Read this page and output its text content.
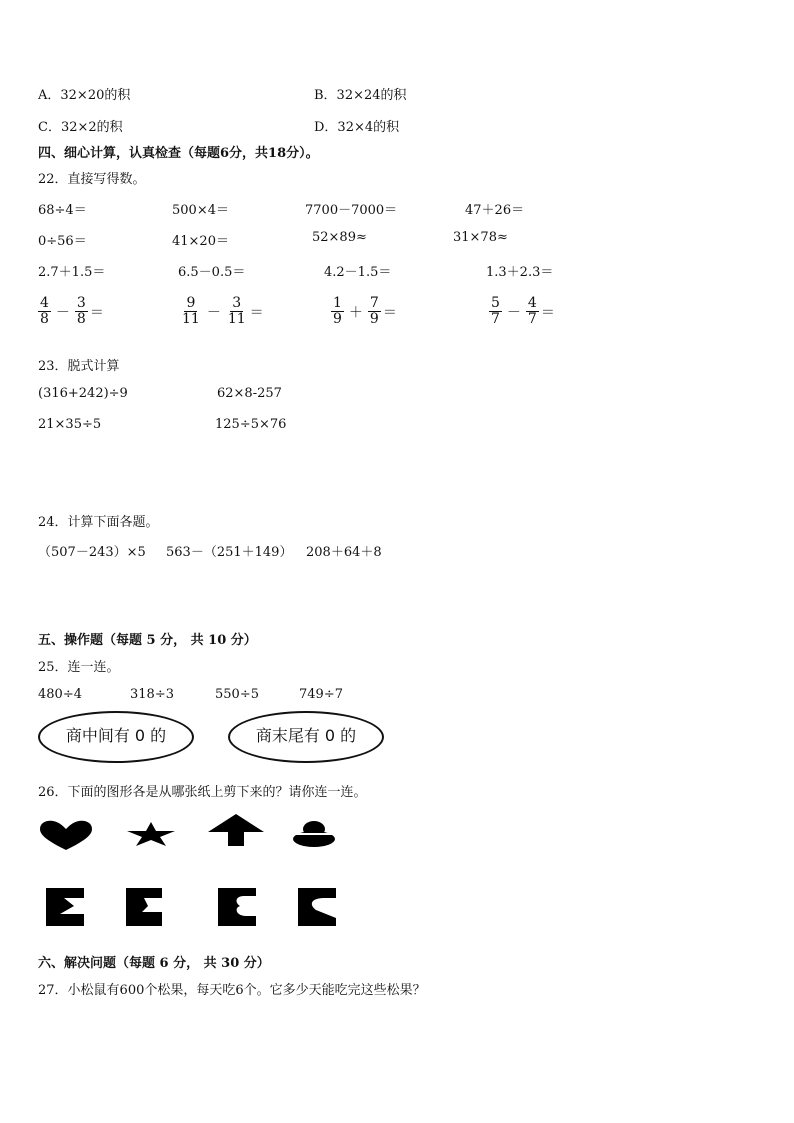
A．32×20的积	B．32×24的积
C．32×2的积	D．32×4的积
四、细心计算，认真检查（每题6分，共18分）。
22．直接写得数。
68÷4＝	500×4＝	7700－7000＝	47＋26＝
0÷56＝	41×20＝	52×89≈	31×78≈
2.7＋1.5＝	6.5－0.5＝	4.2－1.5＝	1.3＋2.3＝
$\frac{4}{8} - \frac{3}{8}$ ＝	$\frac{9}{11} - \frac{3}{11}$ ＝	$\frac{1}{9} + \frac{7}{9}$ ＝	$\frac{5}{7} - \frac{4}{7}$ ＝
23．脱式计算
(316+242)÷9	62×8-257
21×35÷5	125÷5×76
24．计算下面各题。
（507－243）×5 563－（251＋149） 208＋64＋8
五、操作题（每题 5 分， 共 10 分）
25．连一连。
480÷4	318÷3	550÷5	749÷7
商中间有 0 的	商末尾有 0 的
26．下面的图形各是从哪张纸上剪下来的？请你连一连。
六、解决问题（每题 6 分， 共 30 分）
27．小松鼠有600个松果，每天吃6个。它多少天能吃完这些松果？
